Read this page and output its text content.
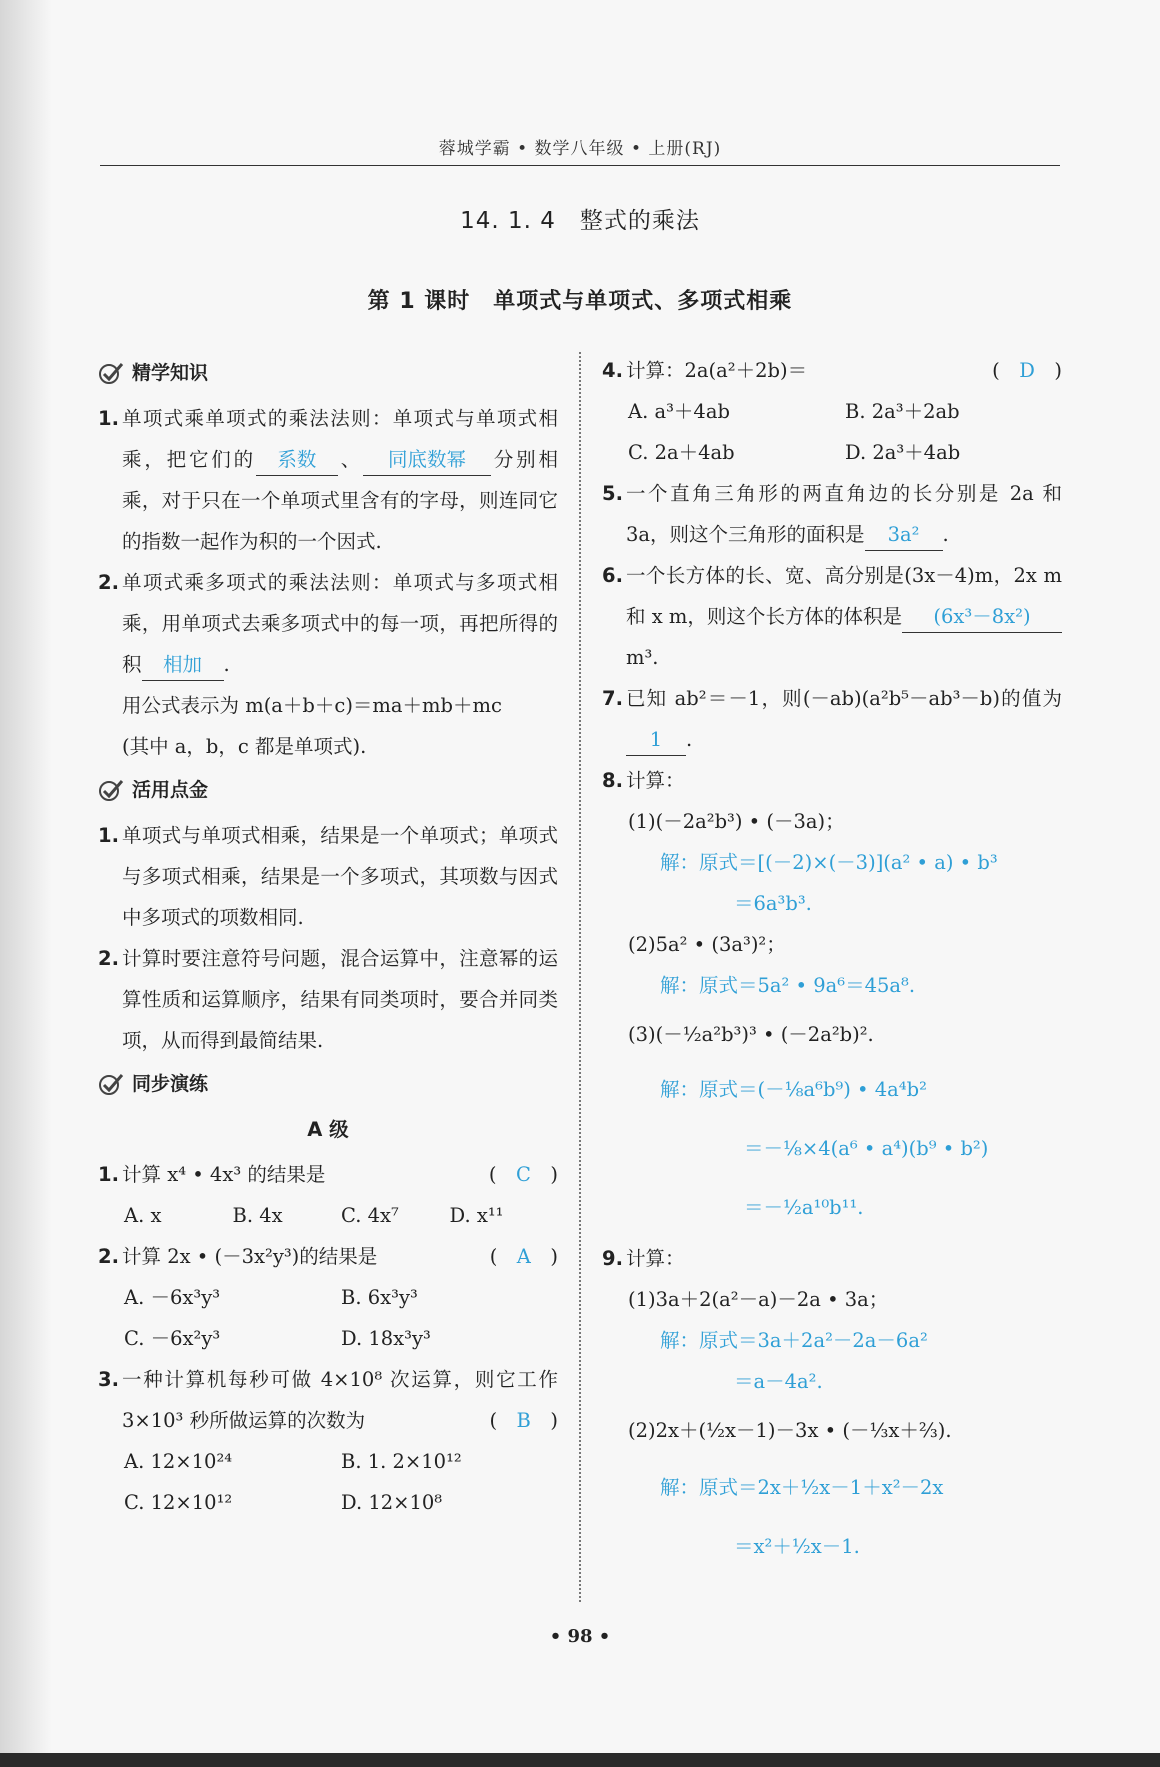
蓉城学霸 • 数学八年级 • 上册(RJ)
14. 1. 4　整式的乘法
第 1 课时　单项式与单项式、多项式相乘
精学知识
1. 单项式乘单项式的乘法法则：单项式与单项式相乘，把它们的 系数 、 同底数幂 分别相乘，对于只在一个单项式里含有的字母，则连同它的指数一起作为积的一个因式.
2. 单项式乘多项式的乘法法则：单项式与多项式相乘，用单项式去乘多项式中的每一项，再把所得的积 相加 .
用公式表示为 m(a＋b＋c)＝ma＋mb＋mc
(其中 a，b，c 都是单项式).
活用点金
1. 单项式与单项式相乘，结果是一个单项式；单项式与多项式相乘，结果是一个多项式，其项数与因式中多项式的项数相同.
2. 计算时要注意符号问题，混合运算中，注意幂的运算性质和运算顺序，结果有同类项时，要合并同类项，从而得到最简结果.
同步演练
A 级
1. 计算 x⁴ • 4x³ 的结果是	(　C　)
A. x	B. 4x	C. 4x⁷	D. x¹¹
2. 计算 2x • (－3x²y³)的结果是	(　A　)
A. －6x³y³	B. 6x³y³
C. －6x²y³	D. 18x³y³
3. 一种计算机每秒可做 4×10⁸ 次运算，则它工作 3×10³ 秒所做运算的次数为	(　B　)
A. 12×10²⁴	B. 1. 2×10¹²
C. 12×10¹²	D. 12×10⁸
4. 计算：2a(a²＋2b)＝	(　D　)
A. a³＋4ab	B. 2a³＋2ab
C. 2a＋4ab	D. 2a³＋4ab
5. 一个直角三角形的两直角边的长分别是 2a 和 3a，则这个三角形的面积是 3a² .
6. 一个长方体的长、宽、高分别是(3x－4)m，2x m 和 x m，则这个长方体的体积是 (6x³－8x²)m³.
7. 已知 ab²＝－1，则(－ab)(a²b⁵－ab³－b)的值为1 .
8. 计算：
(1)(－2a²b³) • (－3a)；
解：原式＝[(－2)×(－3)](a² • a) • b³
＝6a³b³.
(2)5a² • (3a³)²；
解：原式＝5a² • 9a⁶＝45a⁸.
(3)(－½a²b³)³ • (－2a²b)².
解：原式＝(－⅛a⁶b⁹) • 4a⁴b²
＝－⅛×4(a⁶ • a⁴)(b⁹ • b²)
＝－½a¹⁰b¹¹.
9. 计算：
(1)3a＋2(a²－a)－2a • 3a；
解：原式＝3a＋2a²－2a－6a²
＝a－4a².
(2)2x＋(½x－1)－3x • (－⅓x＋⅔).
解：原式＝2x＋½x－1＋x²－2x
＝x²＋½x－1.
• 98 •
